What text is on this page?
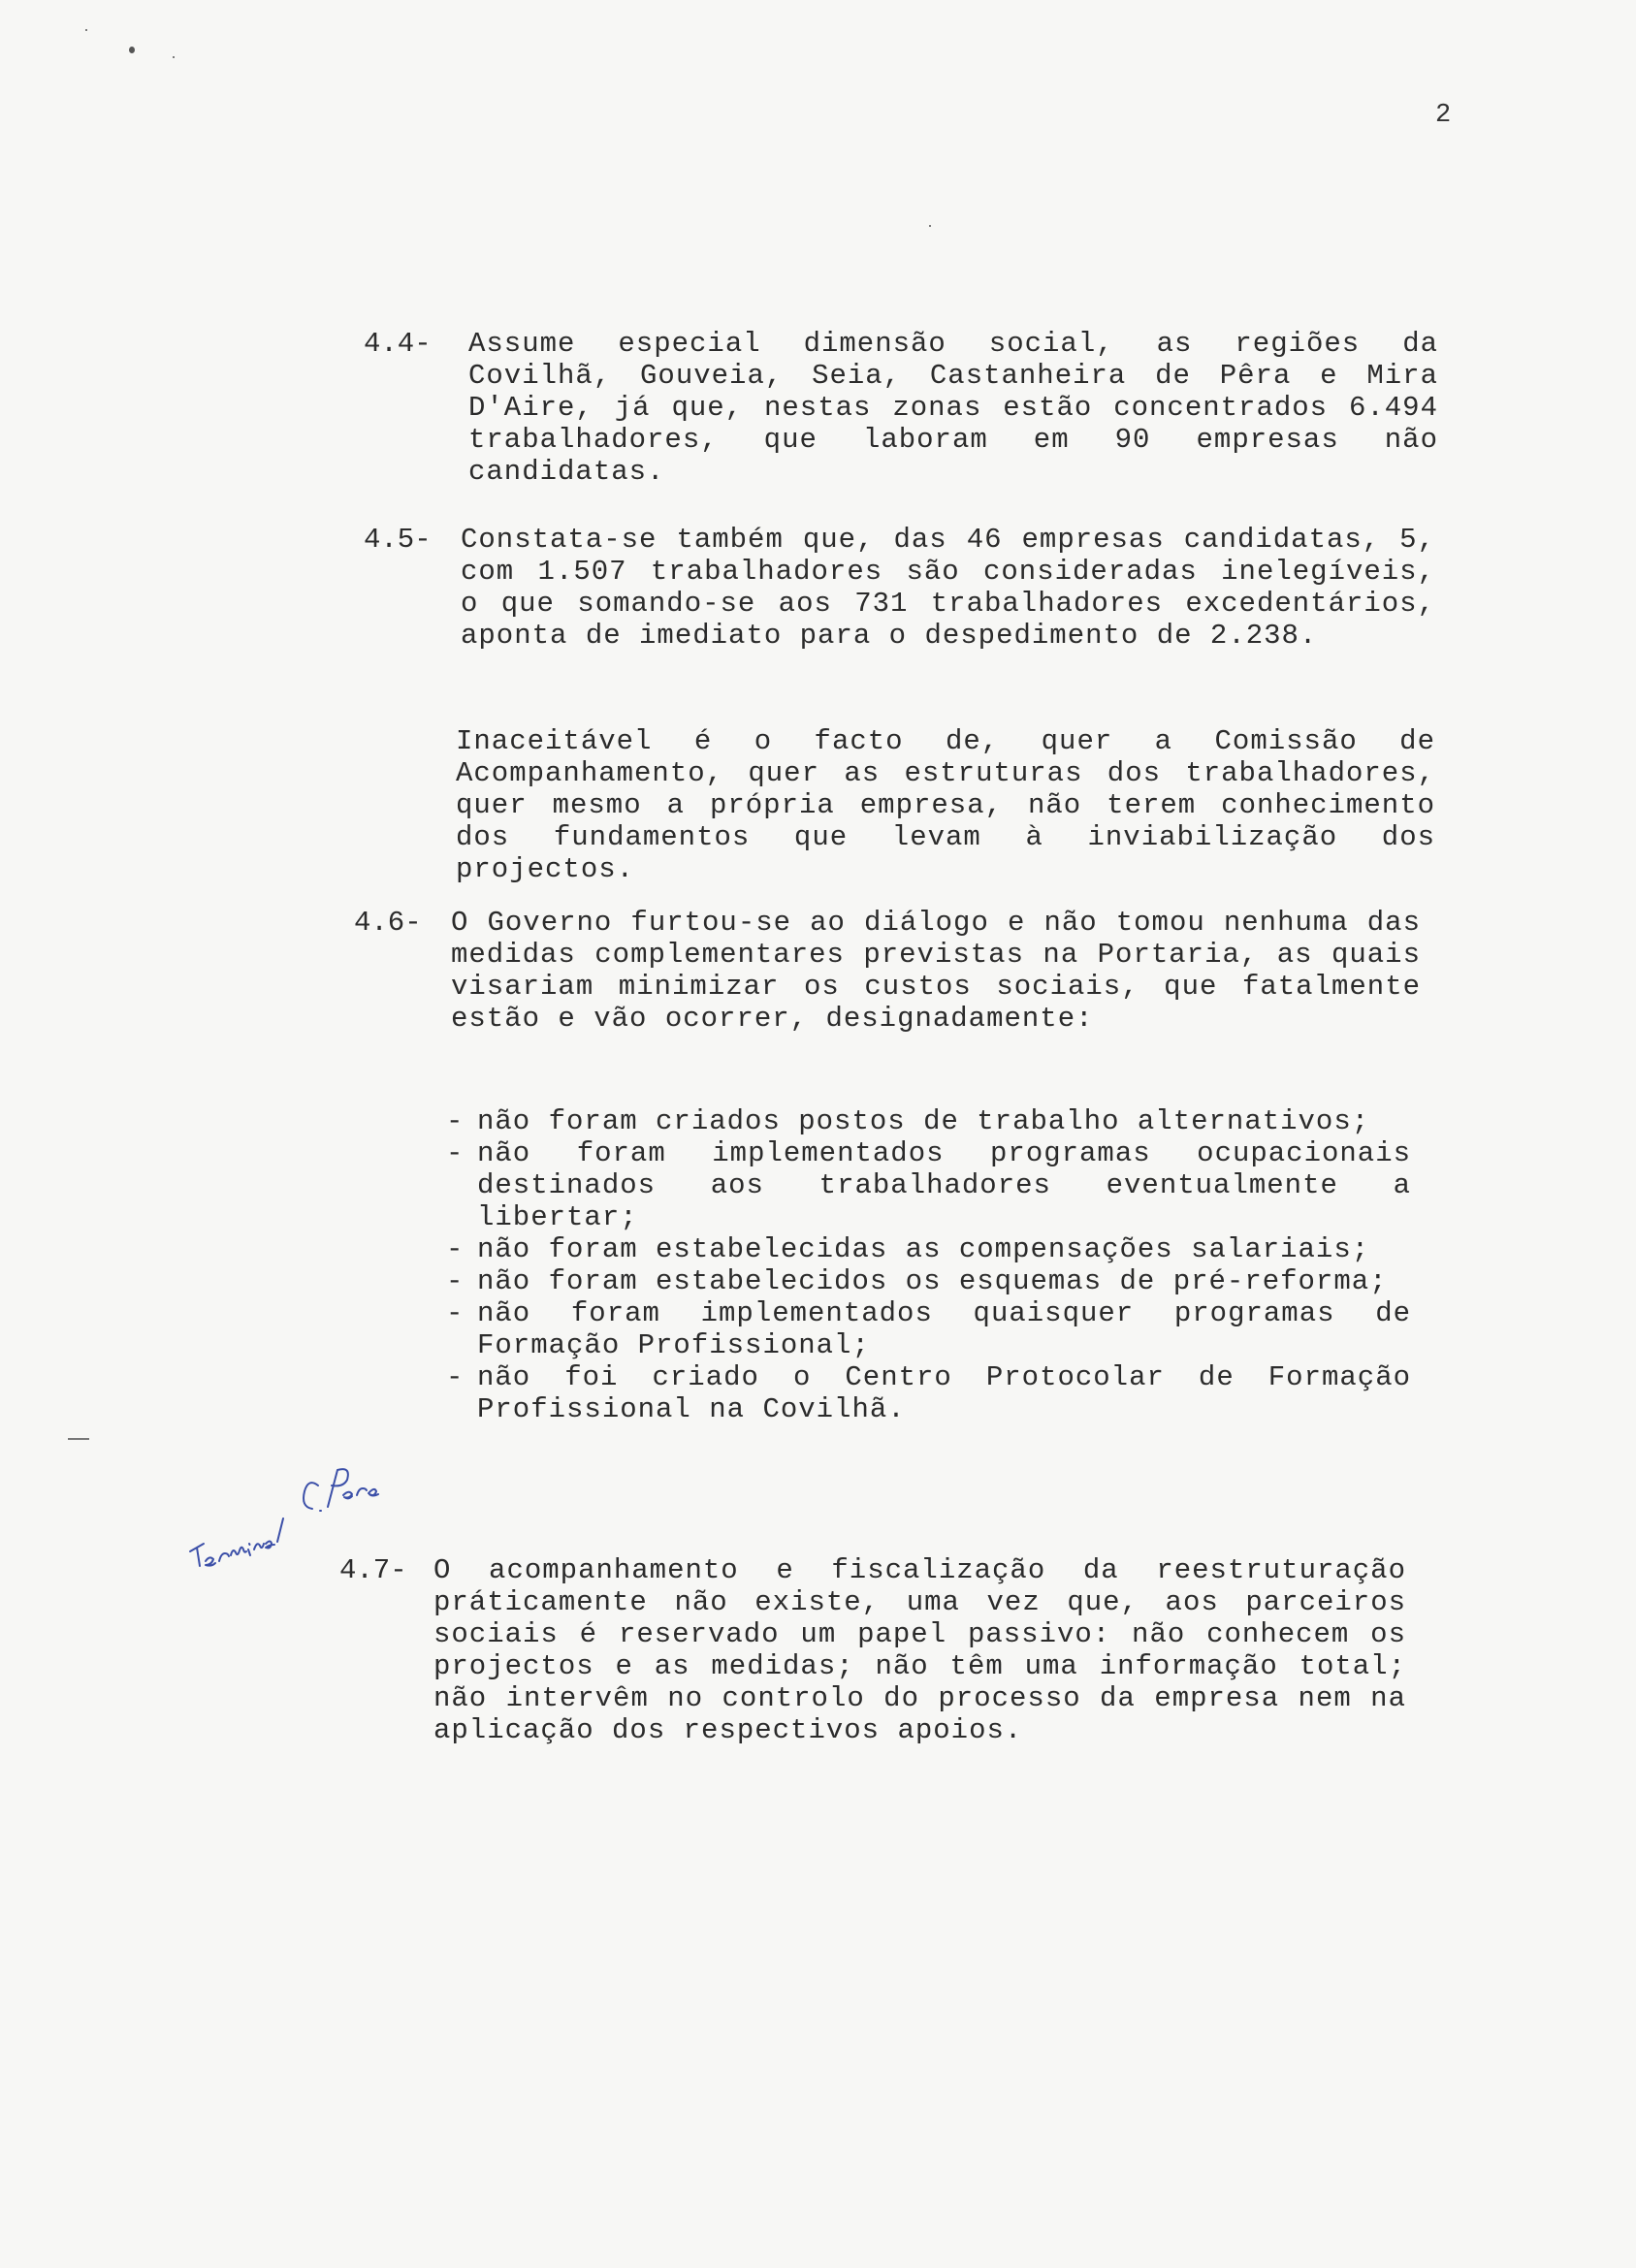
2
4.4- Assume especial dimensão social, as regiões da Covilhã, Gouveia, Seia, Castanheira de Pêra e Mira D'Aire, já que, nestas zonas estão concentrados 6.494 trabalhadores, que laboram em 90 empresas não candidatas.

4.5- Constata-se também que, das 46 empresas candidatas, 5, com 1.507 trabalhadores são consideradas inelegíveis, o que somando-se aos 731 trabalhadores excedentários, aponta de imediato para o despedimento de 2.238.

Inaceitável é o facto de, quer a Comissão de Acompanhamento, quer as estruturas dos trabalhadores, quer mesmo a própria empresa, não terem conhecimento dos fundamentos que levam à inviabilização dos projectos.

4.6- O Governo furtou-se ao diálogo e não tomou nenhuma das medidas complementares previstas na Portaria, as quais visariam minimizar os custos sociais, que fatalmente estão e vão ocorrer, designadamente:

- não foram criados postos de trabalho alternativos;
- não foram implementados programas ocupacionais destinados aos trabalhadores eventualmente a libertar;
- não foram estabelecidas as compensações salariais;
- não foram estabelecidos os esquemas de pré-reforma;
- não foram implementados quaisquer programas de Formação Profissional;
- não foi criado o Centro Protocolar de Formação Profissional na Covilhã.
4.7- O acompanhamento e fiscalização da reestruturação práticamente não existe, uma vez que, aos parceiros sociais é reservado um papel passivo: não conhecem os projectos e as medidas; não têm uma informação total; não intervêm no controlo do processo da empresa nem na aplicação dos respectivos apoios.
